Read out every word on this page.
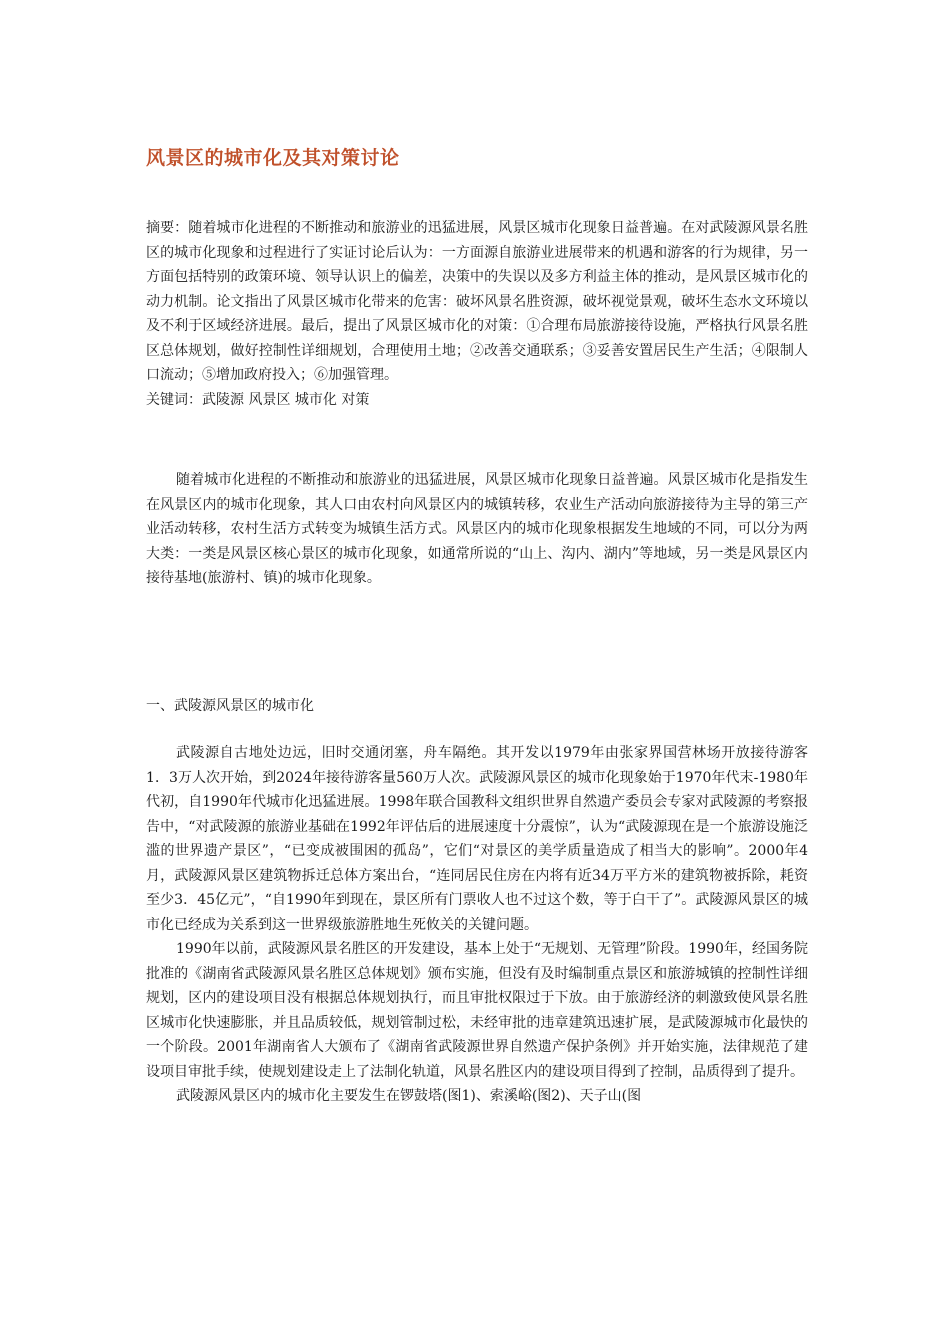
风景区的城市化及其对策讨论

摘要：随着城市化进程的不断推动和旅游业的迅猛进展，风景区城市化现象日益普遍。在对武陵源风景名胜区的城市化现象和过程进行了实证讨论后认为：一方面源自旅游业进展带来的机遇和游客的行为规律，另一方面包括特别的政策环境、领导认识上的偏差，决策中的失误以及多方利益主体的推动，是风景区城市化的动力机制。论文指出了风景区城市化带来的危害：破坏风景名胜资源，破坏视觉景观，破坏生态水文环境以及不利于区域经济进展。最后，提出了风景区城市化的对策：①合理布局旅游接待设施，严格执行风景名胜区总体规划，做好控制性详细规划，合理使用土地；②改善交通联系；③妥善安置居民生产生活；④限制人口流动；⑤增加政府投入；⑥加强管理。

关键词：武陵源 风景区 城市化 对策

随着城市化进程的不断推动和旅游业的迅猛进展，风景区城市化现象日益普遍。风景区城市化是指发生在风景区内的城市化现象，其人口由农村向风景区内的城镇转移，农业生产活动向旅游接待为主导的第三产业活动转移，农村生活方式转变为城镇生活方式。风景区内的城市化现象根据发生地域的不同，可以分为两大类：一类是风景区核心景区的城市化现象，如通常所说的“山上、沟内、湖内”等地域，另一类是风景区内接待基地(旅游村、镇)的城市化现象。

一、武陵源风景区的城市化

武陵源自古地处边远，旧时交通闭塞，舟车隔绝。其开发以1979年由张家界国营林场开放接待游客1．3万人次开始，到2024年接待游客量560万人次。武陵源风景区的城市化现象始于1970年代末-1980年代初，自1990年代城市化迅猛进展。1998年联合国教科文组织世界自然遗产委员会专家对武陵源的考察报告中，“对武陵源的旅游业基础在1992年评估后的进展速度十分震惊”，认为“武陵源现在是一个旅游设施泛滥的世界遗产景区”，“已变成被围困的孤岛”，它们“对景区的美学质量造成了相当大的影响”。2000年4月，武陵源风景区建筑物拆迁总体方案出台，“连同居民住房在内将有近34万平方米的建筑物被拆除，耗资至少3．45亿元”，“自1990年到现在，景区所有门票收人也不过这个数，等于白干了”。武陵源风景区的城市化已经成为关系到这一世界级旅游胜地生死攸关的关键问题。

1990年以前，武陵源风景名胜区的开发建设，基本上处于“无规划、无管理”阶段。1990年，经国务院批准的《湖南省武陵源风景名胜区总体规划》颁布实施，但没有及时编制重点景区和旅游城镇的控制性详细规划，区内的建设项目没有根据总体规划执行，而且审批权限过于下放。由于旅游经济的刺激致使风景名胜区城市化快速膨胀，并且品质较低，规划管制过松，未经审批的违章建筑迅速扩展，是武陵源城市化最快的一个阶段。2001年湖南省人大颁布了《湖南省武陵源世界自然遗产保护条例》并开始实施，法律规范了建设项目审批手续，使规划建设走上了法制化轨道，风景名胜区内的建设项目得到了控制，品质得到了提升。

武陵源风景区内的城市化主要发生在锣鼓塔(图1)、索溪峪(图2)、天子山(图
